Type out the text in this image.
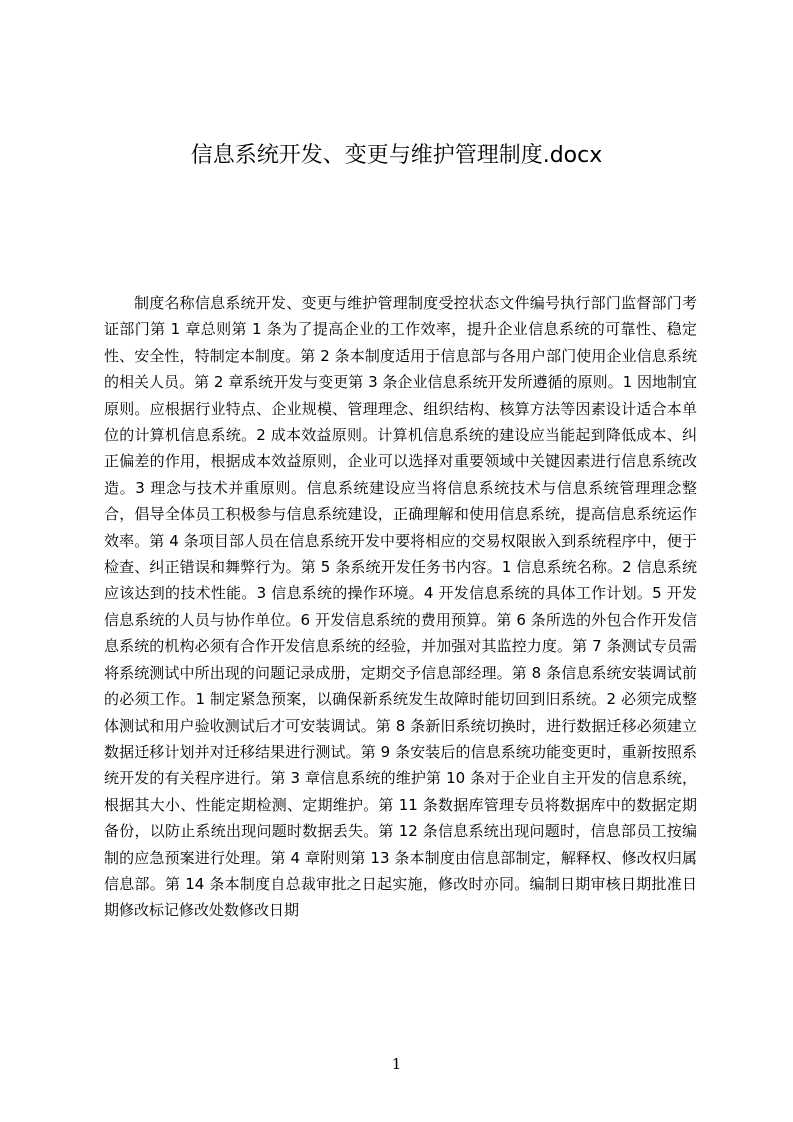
信息系统开发、变更与维护管理制度.docx
制度名称信息系统开发、变更与维护管理制度受控状态文件编号执行部门监督部门考证部门第 1 章总则第 1 条为了提高企业的工作效率，提升企业信息系统的可靠性、稳定性、安全性，特制定本制度。第 2 条本制度适用于信息部与各用户部门使用企业信息系统的相关人员。第 2 章系统开发与变更第 3 条企业信息系统开发所遵循的原则。1 因地制宜原则。应根据行业特点、企业规模、管理理念、组织结构、核算方法等因素设计适合本单位的计算机信息系统。2 成本效益原则。计算机信息系统的建设应当能起到降低成本、纠正偏差的作用，根据成本效益原则，企业可以选择对重要领域中关键因素进行信息系统改造。3 理念与技术并重原则。信息系统建设应当将信息系统技术与信息系统管理理念整合，倡导全体员工积极参与信息系统建设，正确理解和使用信息系统，提高信息系统运作效率。第 4 条项目部人员在信息系统开发中要将相应的交易权限嵌入到系统程序中，便于检查、纠正错误和舞弊行为。第 5 条系统开发任务书内容。1 信息系统名称。2 信息系统应该达到的技术性能。3 信息系统的操作环境。4 开发信息系统的具体工作计划。5 开发信息系统的人员与协作单位。6 开发信息系统的费用预算。第 6 条所选的外包合作开发信息系统的机构必须有合作开发信息系统的经验，并加强对其监控力度。第 7 条测试专员需将系统测试中所出现的问题记录成册，定期交予信息部经理。第 8 条信息系统安装调试前的必须工作。1 制定紧急预案，以确保新系统发生故障时能切回到旧系统。2 必须完成整体测试和用户验收测试后才可安装调试。第 8 条新旧系统切换时，进行数据迁移必须建立数据迁移计划并对迁移结果进行测试。第 9 条安装后的信息系统功能变更时，重新按照系统开发的有关程序进行。第 3 章信息系统的维护第 10 条对于企业自主开发的信息系统，根据其大小、性能定期检测、定期维护。第 11 条数据库管理专员将数据库中的数据定期备份，以防止系统出现问题时数据丢失。第 12 条信息系统出现问题时，信息部员工按编制的应急预案进行处理。第 4 章附则第 13 条本制度由信息部制定，解释权、修改权归属信息部。第 14 条本制度自总裁审批之日起实施，修改时亦同。编制日期审核日期批准日期修改标记修改处数修改日期
1
